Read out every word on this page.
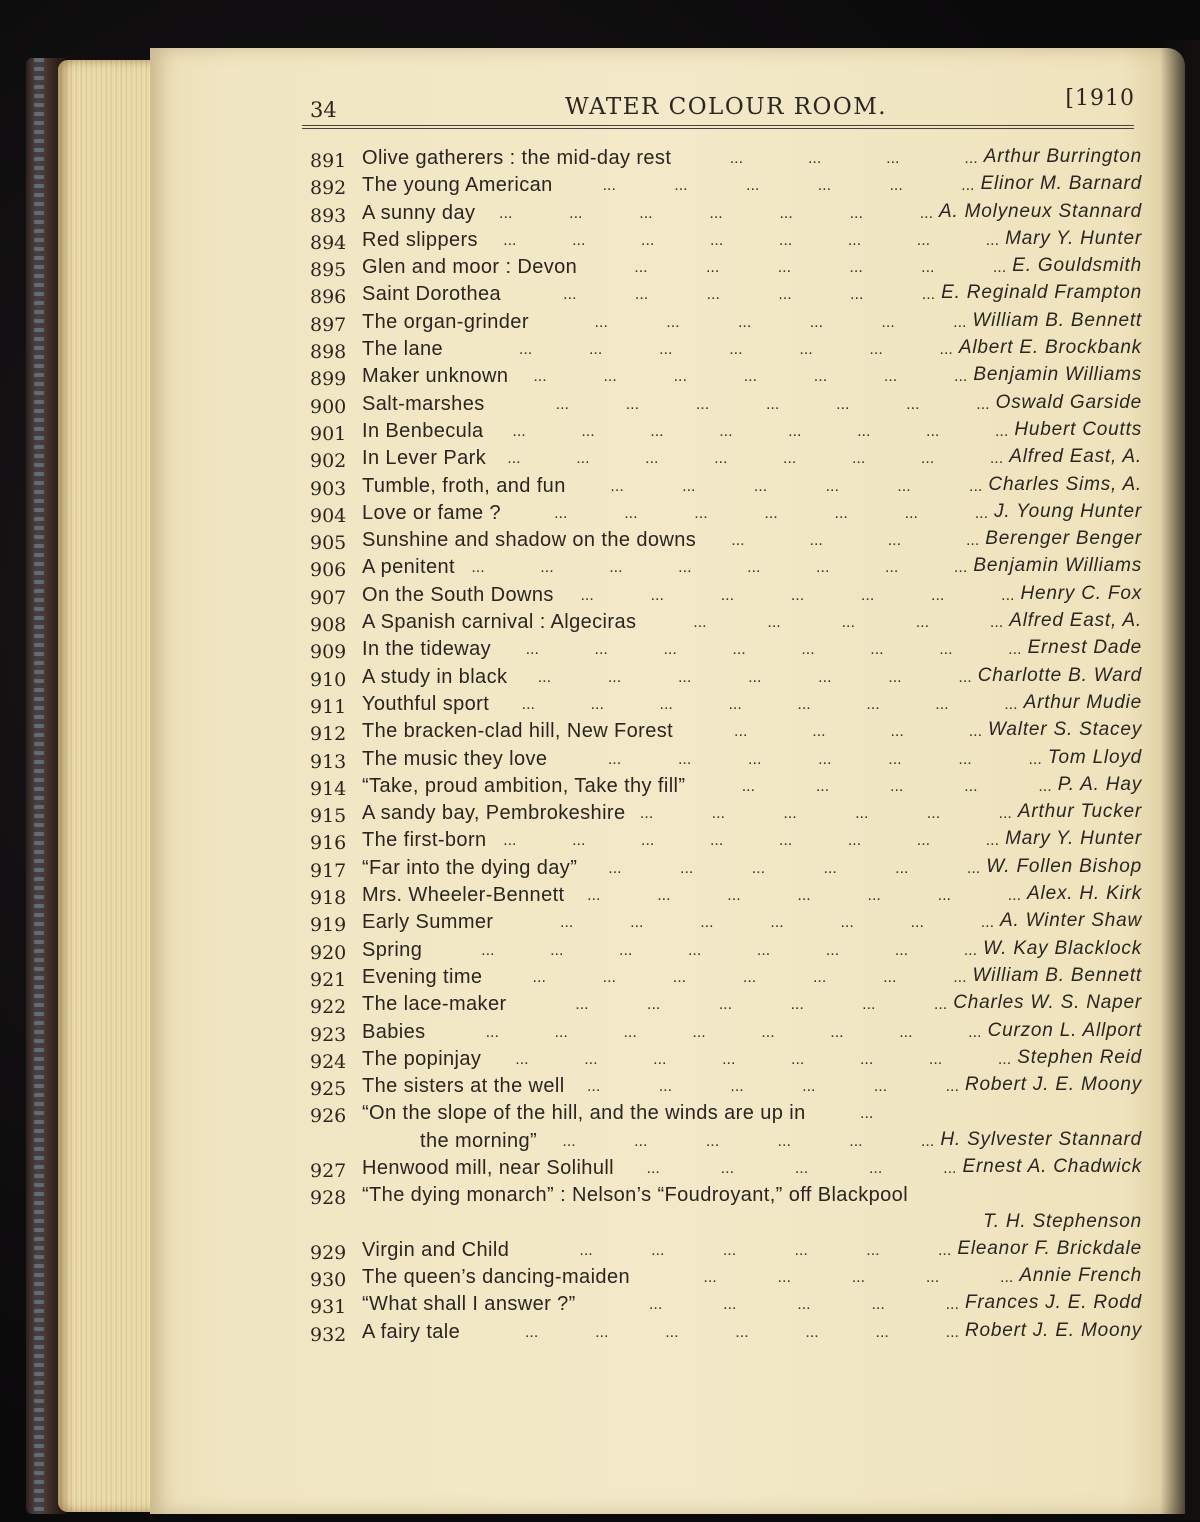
34	WATER COLOUR ROOM.	[1910
891 Olive gatherers : the mid-day rest	...	...	...	... Arthur Burrington
892 The young American	...	...	...	...	...	... Elinor M. Barnard
893 A sunny day ...	...	...	...	...	...	... A. Molyneux Stannard
894 Red slippers ...	...	...	...	...	...	...	... Mary Y. Hunter
895 Glen and moor : Devon	...	...	...	...	...	... E. Gouldsmith
896 Saint Dorothea	...	...	...	...	...	... E. Reginald Frampton
897 The organ-grinder	...	...	...	...	...	... William B. Bennett
898 The lane	...	...	...	...	...	...	... Albert E. Brockbank
899 Maker unknown ...	...	...	...	...	...	... Benjamin Williams
900 Salt-marshes	...	...	...	...	...	...	... Oswald Garside
901 In Benbecula ...	...	...	...	...	...	...	... Hubert Coutts
902 In Lever Park ...	...	...	...	...	...	...	... Alfred East, A.
903 Tumble, froth, and fun	...	...	...	...	...	... Charles Sims, A.
904 Love or fame ?	...	...	...	...	...	...	... J. Young Hunter
905 Sunshine and shadow on the downs ...	...	...	... Berenger Benger
906 A penitent ...	...	...	...	...	...	...	... Benjamin Williams
907 On the South Downs ...	...	...	...	...	...	... Henry C. Fox
908 A Spanish carnival : Algeciras	...	...	...	...	... Alfred East, A.
909 In the tideway ...	...	...	...	...	...	...	... Ernest Dade
910 A study in black ...	...	...	...	...	...	... Charlotte B. Ward
911 Youthful sport ...	...	...	...	...	...	...	... Arthur Mudie
912 The bracken-clad hill, New Forest	...	...	...	... Walter S. Stacey
913 The music they love	...	...	...	...	...	...	... Tom Lloyd
914 “Take, proud ambition, Take thy fill”	...	...	...	...	... P. A. Hay
915 A sandy bay, Pembrokeshire ...	...	...	...	...	... Arthur Tucker
916 The first-born ...	...	...	...	...	...	...	... Mary Y. Hunter
917 “Far into the dying day” ...	...	...	...	...	... W. Follen Bishop
918 Mrs. Wheeler-Bennett ...	...	...	...	...	...	... Alex. H. Kirk
919 Early Summer	...	...	...	...	...	...	... A. Winter Shaw
920 Spring	...	...	...	...	...	...	...	... W. Kay Blacklock
921 Evening time	...	...	...	...	...	...	... William B. Bennett
922 The lace-maker	...	...	...	...	...	... Charles W. S. Naper
923 Babies	...	...	...	...	...	...	...	... Curzon L. Allport
924 The popinjay ...	...	...	...	...	...	...	... Stephen Reid
925 The sisters at the well ...	...	...	...	...	... Robert J. E. Moony
926 “On the slope of the hill, and the winds are up in	...
the morning” ...	...	...	...	...	... H. Sylvester Stannard
927 Henwood mill, near Solihull ...	...	...	...	... Ernest A. Chadwick
928 “The dying monarch” : Nelson’s “Foudroyant,” off Blackpool
T. H. Stephenson
929 Virgin and Child	...	...	...	...	...	... Eleanor F. Brickdale
930 The queen’s dancing-maiden	...	...	...	...	... Annie French
931 “What shall I answer ?”	...	...	...	...	... Frances J. E. Rodd
932 A fairy tale	...	...	...	...	...	...	... Robert J. E. Moony
